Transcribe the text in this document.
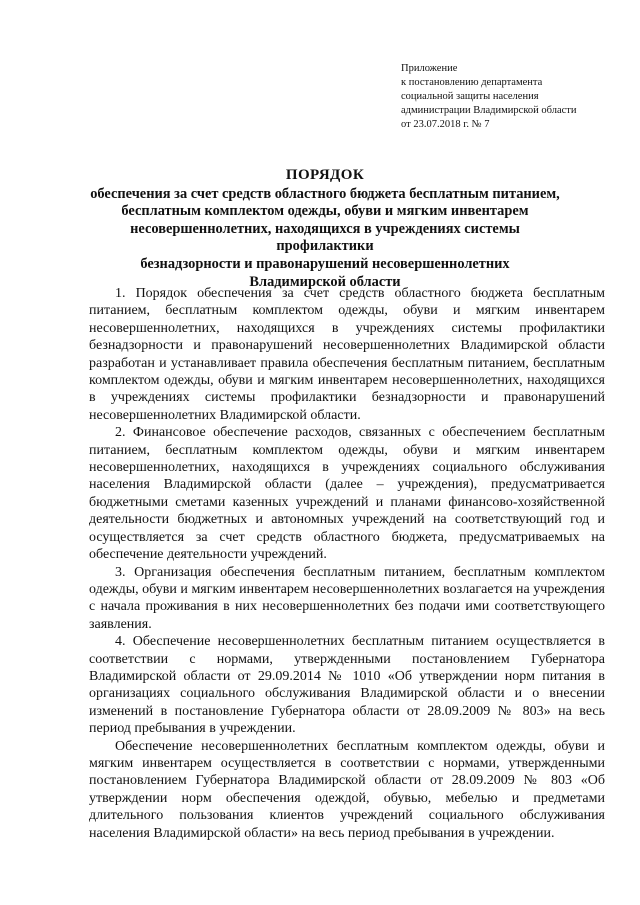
Приложение
к постановлению департамента
социальной защиты населения
администрации Владимирской области
от 23.07.2018 г. № 7
ПОРЯДОК
обеспечения за счет средств областного бюджета бесплатным питанием,
бесплатным комплектом одежды, обуви и мягким инвентарем
несовершеннолетних, находящихся в учреждениях системы профилактики
безнадзорности и правонарушений несовершеннолетних
Владимирской области

1. Порядок обеспечения за счет средств областного бюджета бесплатным питанием, бесплатным комплектом одежды, обуви и мягким инвентарем несовершеннолетних, находящихся в учреждениях системы профилактики безнадзорности и правонарушений несовершеннолетних Владимирской области разработан и устанавливает правила обеспечения бесплатным питанием, бесплатным комплектом одежды, обуви и мягким инвентарем несовершеннолетних, находящихся в учреждениях системы профилактики безнадзорности и правонарушений несовершеннолетних Владимирской области.

2. Финансовое обеспечение расходов, связанных с обеспечением бесплатным питанием, бесплатным комплектом одежды, обуви и мягким инвентарем несовершеннолетних, находящихся в учреждениях социального обслуживания населения Владимирской области (далее – учреждения), предусматривается бюджетными сметами казенных учреждений и планами финансово-хозяйственной деятельности бюджетных и автономных учреждений на соответствующий год и осуществляется за счет средств областного бюджета, предусматриваемых на обеспечение деятельности учреждений.

3. Организация обеспечения бесплатным питанием, бесплатным комплектом одежды, обуви и мягким инвентарем несовершеннолетних возлагается на учреждения с начала проживания в них несовершеннолетних без подачи ими соответствующего заявления.

4. Обеспечение несовершеннолетних бесплатным питанием осуществляется в соответствии с нормами, утвержденными постановлением Губернатора Владимирской области от 29.09.2014 № 1010 «Об утверждении норм питания в организациях социального обслуживания Владимирской области и о внесении изменений в постановление Губернатора области от 28.09.2009 № 803» на весь период пребывания в учреждении.

Обеспечение несовершеннолетних бесплатным комплектом одежды, обуви и мягким инвентарем осуществляется в соответствии с нормами, утвержденными постановлением Губернатора Владимирской области от 28.09.2009 № 803 «Об утверждении норм обеспечения одеждой, обувью, мебелью и предметами длительного пользования клиентов учреждений социального обслуживания населения Владимирской области» на весь период пребывания в учреждении.
